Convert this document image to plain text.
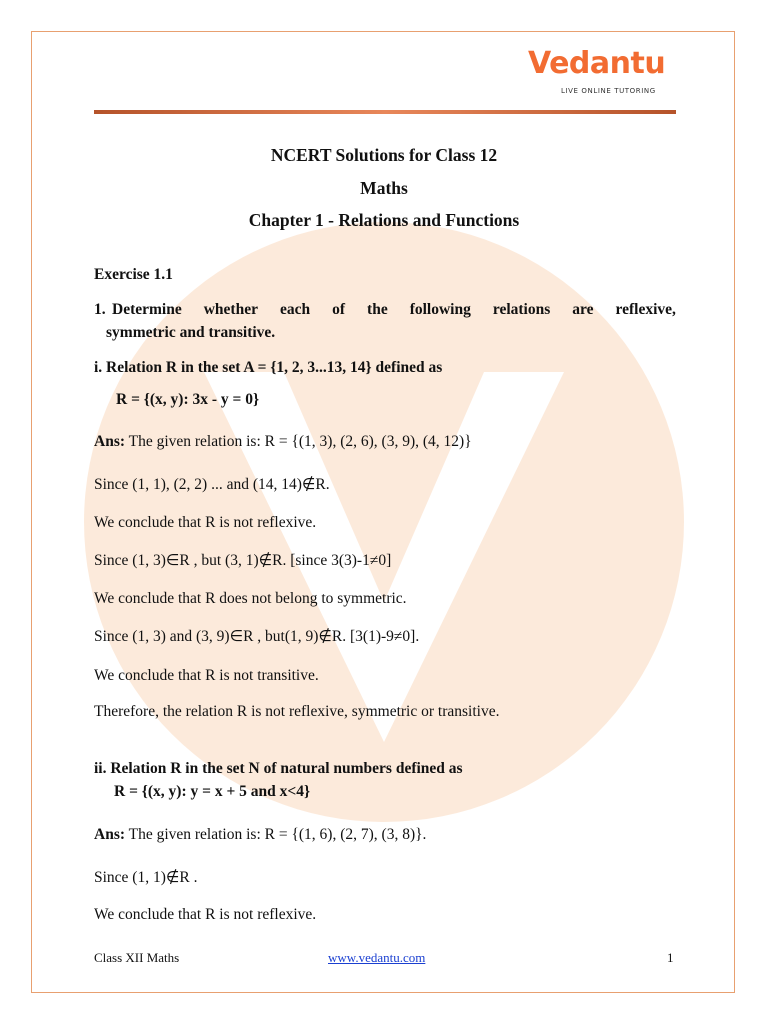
Vedantu
LIVE ONLINE TUTORING
NCERT Solutions for Class 12
Maths
Chapter 1 - Relations and Functions
Exercise 1.1
1. Determine whether each of the following relations are reflexive,
symmetric and transitive.
i. Relation R in the set A = {1, 2, 3...13, 14} defined as
R = {(x, y): 3x - y = 0}
Ans: The given relation is: R = {(1, 3), (2, 6), (3, 9), (4, 12)}
Since (1, 1), (2, 2) ... and (14, 14)∉R.
We conclude that R is not reflexive.
Since (1, 3)∈R , but (3, 1)∉R. [since 3(3)-1≠0]
We conclude that R does not belong to symmetric.
Since (1, 3) and (3, 9)∈R , but(1, 9)∉R. [3(1)-9≠0].
We conclude that R is not transitive.
Therefore, the relation R is not reflexive, symmetric or transitive.
ii. Relation R in the set N of natural numbers defined as
R = {(x, y): y = x + 5 and x<4}
Ans: The given relation is: R = {(1, 6), (2, 7), (3, 8)}.
Since (1, 1)∉R .
We conclude that R is not reflexive.
Class XII Maths	www.vedantu.com	1
